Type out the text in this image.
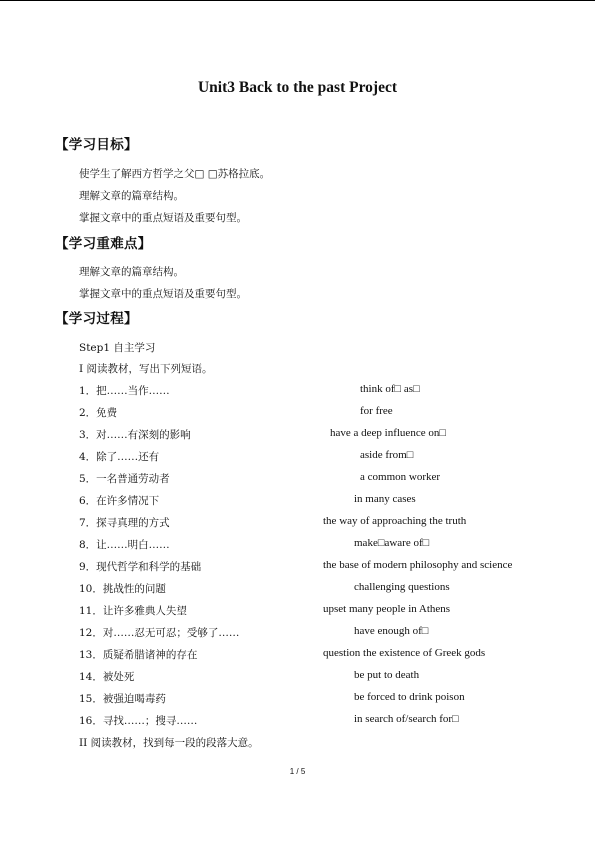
Unit3 Back to the past Project
【学习目标】
使学生了解西方哲学之父□ □苏格拉底。
理解文章的篇章结构。
掌握文章中的重点短语及重要句型。
【学习重难点】
理解文章的篇章结构。
掌握文章中的重点短语及重要句型。
【学习过程】
Step1 自主学习
I 阅读教材，写出下列短语。
1．把……当作……	think of□ as□
2．免费	for free
3．对……有深刻的影响	have a deep influence on□
4．除了……还有	aside from□
5．一名普通劳动者	a common worker
6．在许多情况下	in many cases
7．探寻真理的方式	the way of approaching the truth
8．让……明白……	make□aware of□
9．现代哲学和科学的基础	the base of modern philosophy and science
10．挑战性的问题	challenging questions
11．让许多雅典人失望	upset many people in Athens
12．对……忍无可忍；受够了……	have enough of□
13．质疑希腊诸神的存在	question the existence of Greek gods
14．被处死	be put to death
15．被强迫喝毒药	be forced to drink poison
16．寻找……；搜寻……	in search of/search for□
II 阅读教材，找到每一段的段落大意。
1 / 5
